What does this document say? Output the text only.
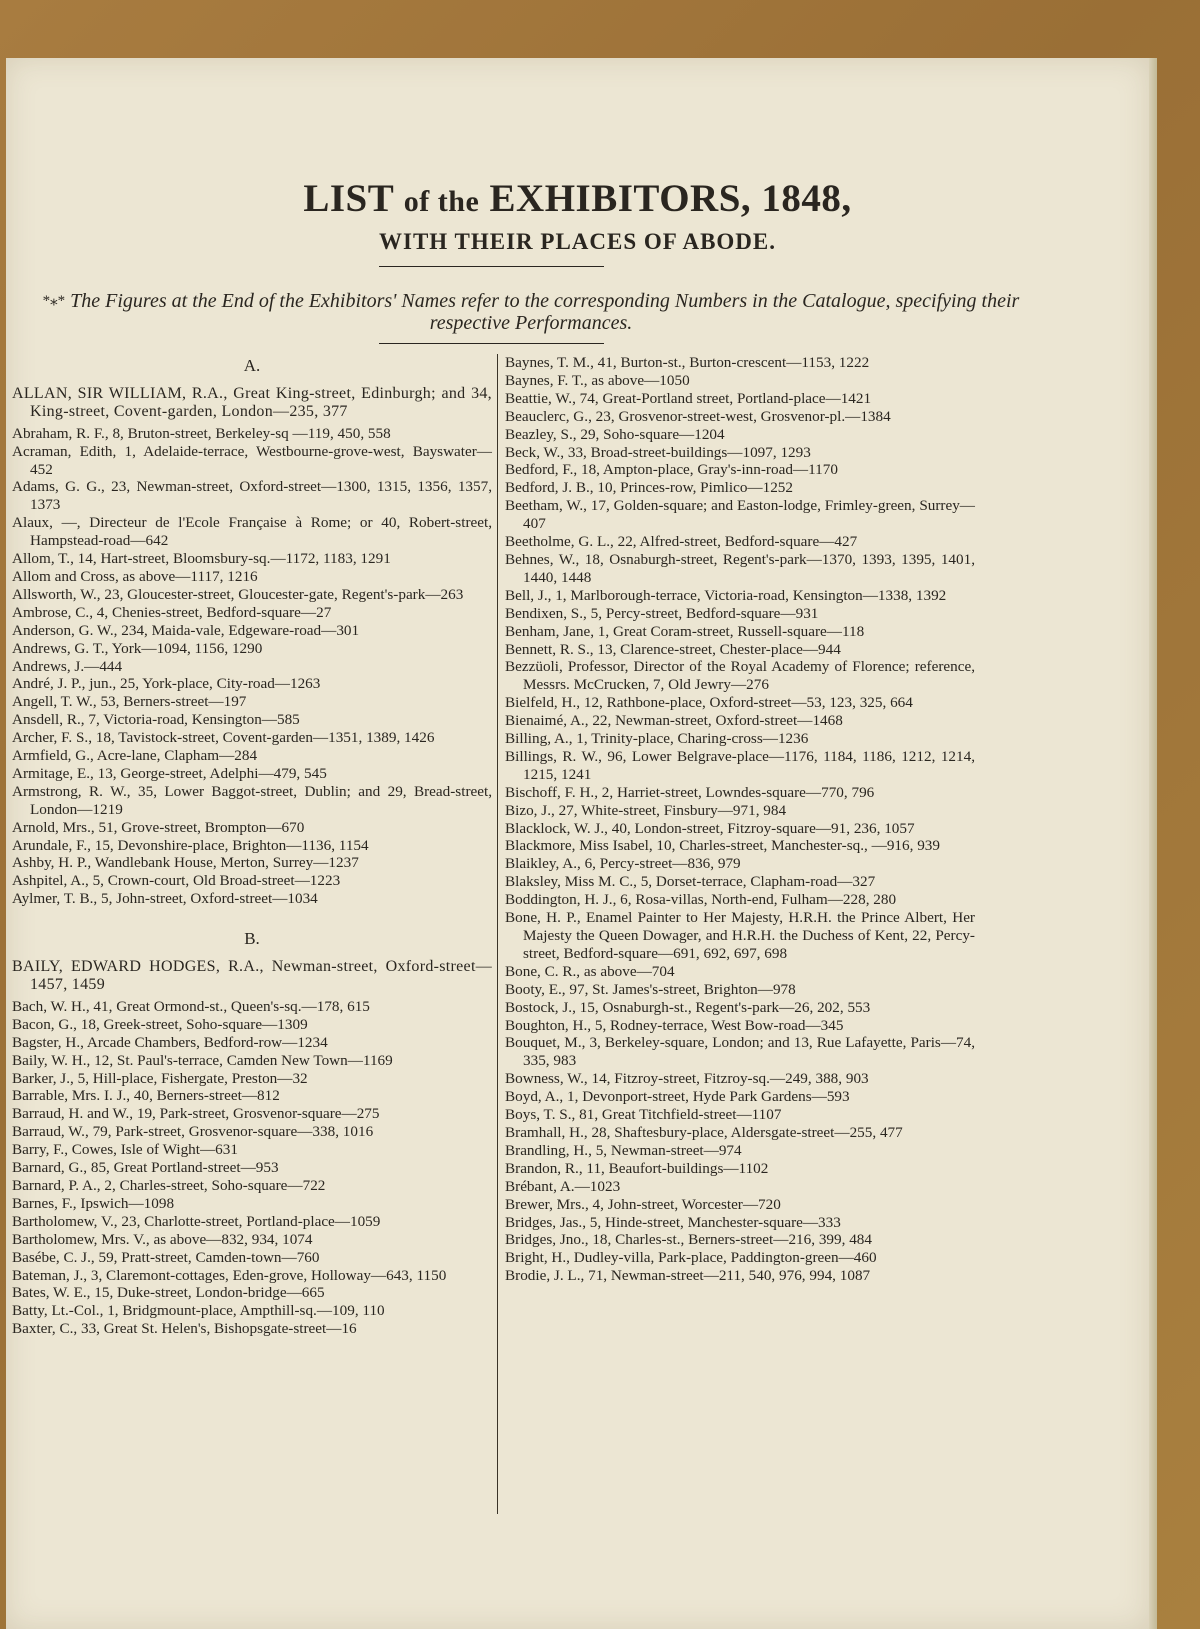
LIST of the EXHIBITORS, 1848,
WITH THEIR PLACES OF ABODE.

*⁎* The Figures at the End of the Exhibitors' Names refer to the corresponding Numbers in the Catalogue, specifying their respective Performances.

A.

ALLAN, SIR WILLIAM, R.A., Great King-street, Edinburgh; and 34, King-street, Covent-garden, London—235, 377

Abraham, R. F., 8, Bruton-street, Berkeley-sq —119, 450, 558

Acraman, Edith, 1, Adelaide-terrace, Westbourne-grove-west, Bayswater—452

Adams, G. G., 23, Newman-street, Oxford-street—1300, 1315, 1356, 1357, 1373

Alaux, —, Directeur de l'Ecole Française à Rome; or 40, Robert-street, Hampstead-road—642

Allom, T., 14, Hart-street, Bloomsbury-sq.—1172, 1183, 1291

Allom and Cross, as above—1117, 1216

Allsworth, W., 23, Gloucester-street, Gloucester-gate, Regent's-park—263

Ambrose, C., 4, Chenies-street, Bedford-square—27

Anderson, G. W., 234, Maida-vale, Edgeware-road—301

Andrews, G. T., York—1094, 1156, 1290

Andrews, J.—444

André, J. P., jun., 25, York-place, City-road—1263

Angell, T. W., 53, Berners-street—197

Ansdell, R., 7, Victoria-road, Kensington—585

Archer, F. S., 18, Tavistock-street, Covent-garden—1351, 1389, 1426

Armfield, G., Acre-lane, Clapham—284

Armitage, E., 13, George-street, Adelphi—479, 545

Armstrong, R. W., 35, Lower Baggot-street, Dublin; and 29, Bread-street, London—1219

Arnold, Mrs., 51, Grove-street, Brompton—670

Arundale, F., 15, Devonshire-place, Brighton—1136, 1154

Ashby, H. P., Wandlebank House, Merton, Surrey—1237

Ashpitel, A., 5, Crown-court, Old Broad-street—1223

Aylmer, T. B., 5, John-street, Oxford-street—1034

B.

BAILY, EDWARD HODGES, R.A., Newman-street, Oxford-street—1457, 1459

Bach, W. H., 41, Great Ormond-st., Queen's-sq.—178, 615

Bacon, G., 18, Greek-street, Soho-square—1309

Bagster, H., Arcade Chambers, Bedford-row—1234

Baily, W. H., 12, St. Paul's-terrace, Camden New Town—1169

Barker, J., 5, Hill-place, Fishergate, Preston—32

Barrable, Mrs. I. J., 40, Berners-street—812

Barraud, H. and W., 19, Park-street, Grosvenor-square—275

Barraud, W., 79, Park-street, Grosvenor-square—338, 1016

Barry, F., Cowes, Isle of Wight—631

Barnard, G., 85, Great Portland-street—953

Barnard, P. A., 2, Charles-street, Soho-square—722

Barnes, F., Ipswich—1098

Bartholomew, V., 23, Charlotte-street, Portland-place—1059

Bartholomew, Mrs. V., as above—832, 934, 1074

Basébe, C. J., 59, Pratt-street, Camden-town—760

Bateman, J., 3, Claremont-cottages, Eden-grove, Holloway—643, 1150

Bates, W. E., 15, Duke-street, London-bridge—665

Batty, Lt.-Col., 1, Bridgmount-place, Ampthill-sq.—109, 110

Baxter, C., 33, Great St. Helen's, Bishopsgate-street—16

Baynes, T. M., 41, Burton-st., Burton-crescent—1153, 1222

Baynes, F. T., as above—1050

Beattie, W., 74, Great-Portland street, Portland-place—1421

Beauclerc, G., 23, Grosvenor-street-west, Grosvenor-pl.—1384

Beazley, S., 29, Soho-square—1204

Beck, W., 33, Broad-street-buildings—1097, 1293

Bedford, F., 18, Ampton-place, Gray's-inn-road—1170

Bedford, J. B., 10, Princes-row, Pimlico—1252

Beetham, W., 17, Golden-square; and Easton-lodge, Frimley-green, Surrey—407

Beetholme, G. L., 22, Alfred-street, Bedford-square—427

Behnes, W., 18, Osnaburgh-street, Regent's-park—1370, 1393, 1395, 1401, 1440, 1448

Bell, J., 1, Marlborough-terrace, Victoria-road, Kensington—1338, 1392

Bendixen, S., 5, Percy-street, Bedford-square—931

Benham, Jane, 1, Great Coram-street, Russell-square—118

Bennett, R. S., 13, Clarence-street, Chester-place—944

Bezzüoli, Professor, Director of the Royal Academy of Florence; reference, Messrs. McCrucken, 7, Old Jewry—276

Bielfeld, H., 12, Rathbone-place, Oxford-street—53, 123, 325, 664

Bienaimé, A., 22, Newman-street, Oxford-street—1468

Billing, A., 1, Trinity-place, Charing-cross—1236

Billings, R. W., 96, Lower Belgrave-place—1176, 1184, 1186, 1212, 1214, 1215, 1241

Bischoff, F. H., 2, Harriet-street, Lowndes-square—770, 796

Bizo, J., 27, White-street, Finsbury—971, 984

Blacklock, W. J., 40, London-street, Fitzroy-square—91, 236, 1057

Blackmore, Miss Isabel, 10, Charles-street, Manchester-sq., —916, 939

Blaikley, A., 6, Percy-street—836, 979

Blaksley, Miss M. C., 5, Dorset-terrace, Clapham-road—327

Boddington, H. J., 6, Rosa-villas, North-end, Fulham—228, 280

Bone, H. P., Enamel Painter to Her Majesty, H.R.H. the Prince Albert, Her Majesty the Queen Dowager, and H.R.H. the Duchess of Kent, 22, Percy-street, Bedford-square—691, 692, 697, 698

Bone, C. R., as above—704

Booty, E., 97, St. James's-street, Brighton—978

Bostock, J., 15, Osnaburgh-st., Regent's-park—26, 202, 553

Boughton, H., 5, Rodney-terrace, West Bow-road—345

Bouquet, M., 3, Berkeley-square, London; and 13, Rue Lafayette, Paris—74, 335, 983

Bowness, W., 14, Fitzroy-street, Fitzroy-sq.—249, 388, 903

Boyd, A., 1, Devonport-street, Hyde Park Gardens—593

Boys, T. S., 81, Great Titchfield-street—1107

Bramhall, H., 28, Shaftesbury-place, Aldersgate-street—255, 477

Brandling, H., 5, Newman-street—974

Brandon, R., 11, Beaufort-buildings—1102

Brébant, A.—1023

Brewer, Mrs., 4, John-street, Worcester—720

Bridges, Jas., 5, Hinde-street, Manchester-square—333

Bridges, Jno., 18, Charles-st., Berners-street—216, 399, 484

Bright, H., Dudley-villa, Park-place, Paddington-green—460

Brodie, J. L., 71, Newman-street—211, 540, 976, 994, 1087
